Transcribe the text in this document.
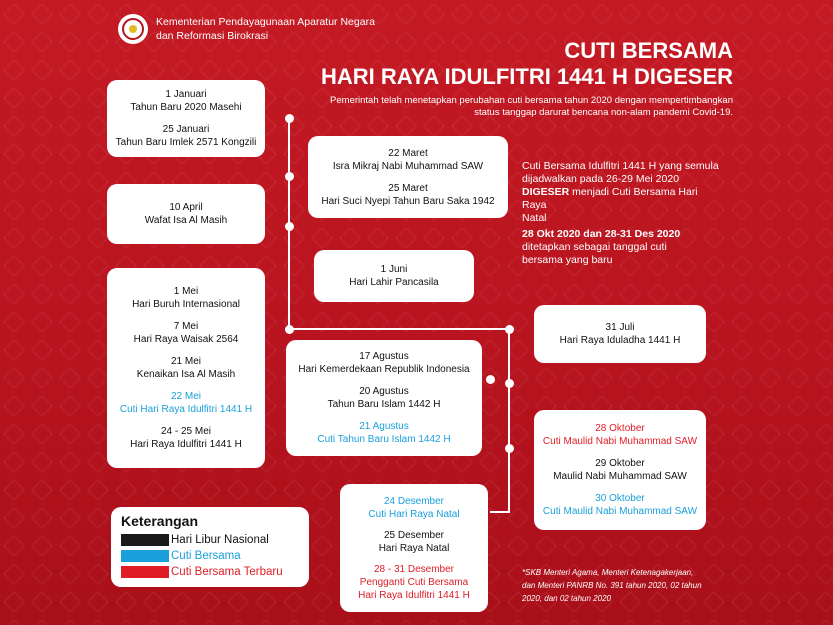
Kementerian Pendayagunaan Aparatur Negara
dan Reformasi Birokrasi
CUTI BERSAMA
HARI RAYA IDULFITRI 1441 H DIGESER
Pemerintah telah menetapkan perubahan cuti bersama tahun 2020 dengan mempertimbangkan status tanggap darurat bencana non-alam pandemi Covid-19.
1 Januari
Tahun Baru 2020 Masehi
25 Januari
Tahun Baru Imlek 2571 Kongzili
22 Maret
Isra Mikraj Nabi Muhammad SAW
25 Maret
Hari Suci Nyepi Tahun Baru Saka 1942
10 April
Wafat Isa Al Masih
1 Juni
Hari Lahir Pancasila
1 Mei
Hari Buruh Internasional
7 Mei
Hari Raya Waisak 2564
21 Mei
Kenaikan Isa Al Masih
22 Mei
Cuti Hari Raya Idulfitri 1441 H
24 - 25 Mei
Hari Raya Idulfitri 1441 H
31 Juli
Hari Raya Iduladha 1441 H
17 Agustus
Hari Kemerdekaan Republik Indonesia
20 Agustus
Tahun Baru Islam 1442 H
21 Agustus
Cuti Tahun Baru Islam 1442 H
28 Oktober
Cuti Maulid Nabi Muhammad SAW
29 Oktober
Maulid Nabi Muhammad SAW
30 Oktober
Cuti Maulid Nabi Muhammad SAW
24 Desember
Cuti Hari Raya Natal
25 Desember
Hari Raya Natal
28 - 31 Desember
Pengganti Cuti Bersama
Hari Raya Idulfitri 1441 H
Cuti Bersama Idulfitri 1441 H yang semula
dijadwalkan pada 26-29 Mei 2020
DIGESER menjadi Cuti Bersama Hari Raya
Natal
28 Okt 2020 dan 28-31 Des 2020
ditetapkan sebagai tanggal cuti
bersama yang baru
Keterangan
Hari Libur Nasional
Cuti Bersama
Cuti Bersama Terbaru	*SKB Menteri Agama, Menteri Ketenagakerjaan,
dan Menteri PANRB No. 391 tahun 2020, 02 tahun
2020, dan 02 tahun 2020
